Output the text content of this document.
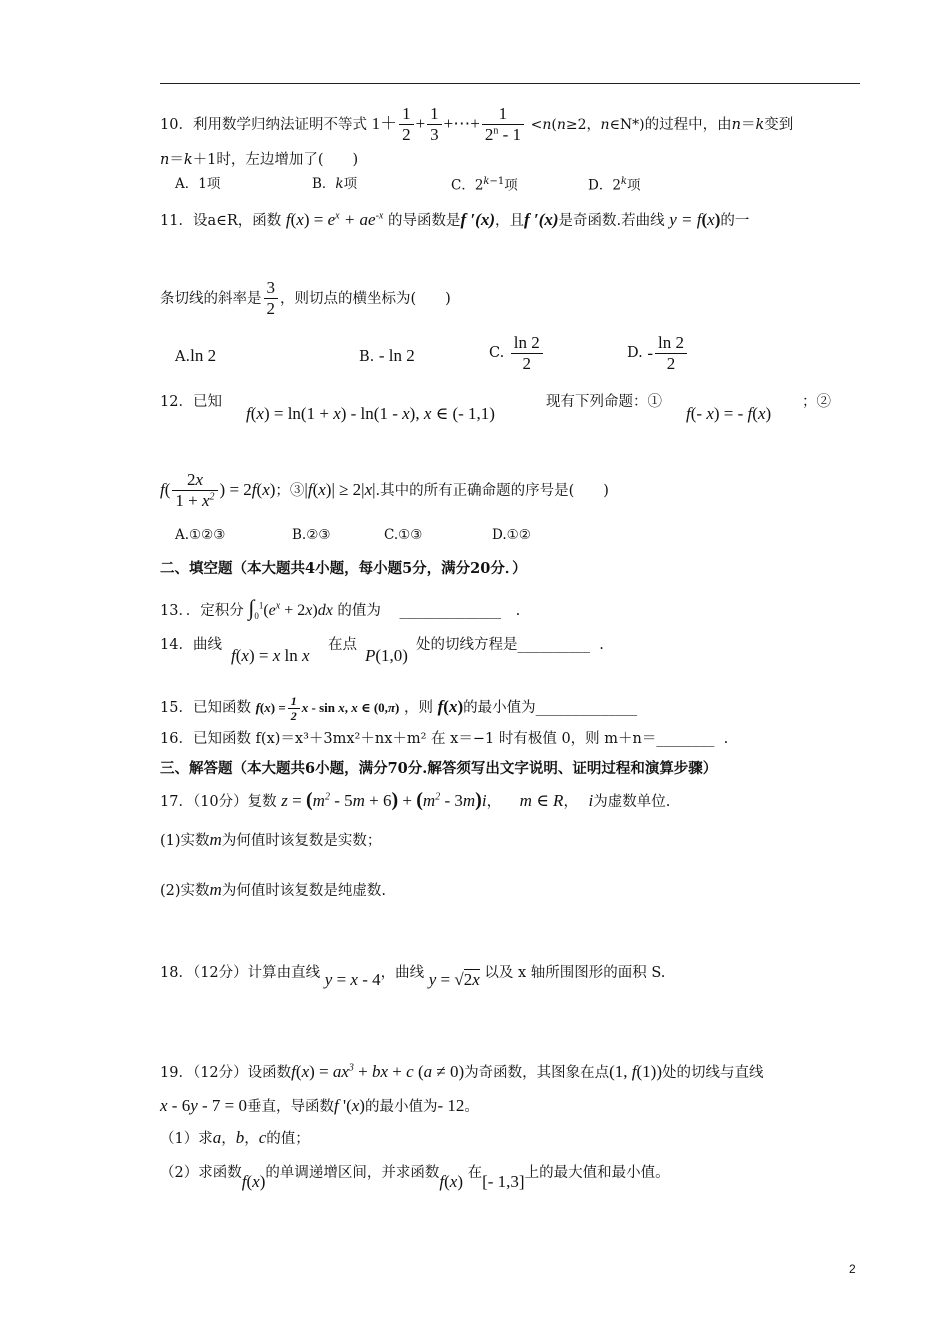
10．利用数学归纳法证明不等式 $1+ \frac{1}{2} + \frac{1}{3}$ +⋯+ $\frac{1}{2^n - 1} <n(n\ge 2$，n∈N*)的过程中，由n＝k变到
n＝k＋1时，左边增加了(　　)
A．1项	B．k项	C．$2^{k-1}$项	D．2$^k$项
11．设a∈R，函数 $f(x) = e^x + ae^{-x}$ 的导函数是f ′(x)，且f ′(x)是奇函数.若曲线 y = f(x)的一
条切线的斜率是 $\frac{3}{2}$ ，则切点的横坐标为(　　)
A.ln 2	B. - ln 2	C. $\frac{\ln 2}{2}$	D. - $\frac{\ln 2}{2}$
12．已知
f(x) = ln(1 + x) - ln(1 - x), x ∈ (- 1,1)
现有下列命题：①
f(- x) = - f(x)
；②
$f( \frac{2x}{1 + x^2}$ ) = 2f(x)；③|f(x)| ≥ 2|x|.其中的所有正确命题的序号是(　　)
A.①②③	B.②③	C.①③	D.①②
二、填空题（本大题共4小题，每小题5分，满分20分．）
13．．定积分 $\int_0^1(e^x + 2x)dx$ 的值为 ______________ .
14．曲线
f(x) = x ln x
在点
P(1,0)
处的切线方程是__________ .
15．已知函数 $f(x) = \frac{1}{2}$ x - sin x, x ∈ (0,π) ，则 f(x)的最小值为______________
16．已知函数 f(x)＝x³＋3mx²＋nx＋m² 在 x＝−1 时有极值 0，则 m＋n＝________ .
三、解答题（本大题共6小题，满分70分.解答须写出文字说明、证明过程和演算步骤）
17．（10分）复数 $z = (m^2 - 5m + 6) + (m^2 - 3m)i$， m ∈ R， i为虚数单位.
(1)实数m为何值时该复数是实数；
(2)实数m为何值时该复数是纯虚数.
18．（12分）计算由直线 y = x - 4，曲线 y = √2x 以及 x 轴所围图形的面积 S.
19．（12分）设函数$f(x) = ax^3$ + bx + c (a ≠ 0)为奇函数，其图象在点(1, f(1))处的切线与直线
x - 6y - 7 = 0垂直，导函数f '(x)的最小值为- 12。
（1）求a，b，c的值；
（2）求函数f(x)的单调递增区间，并求函数f(x) 在[- 1,3]上的最大值和最小值。
2
